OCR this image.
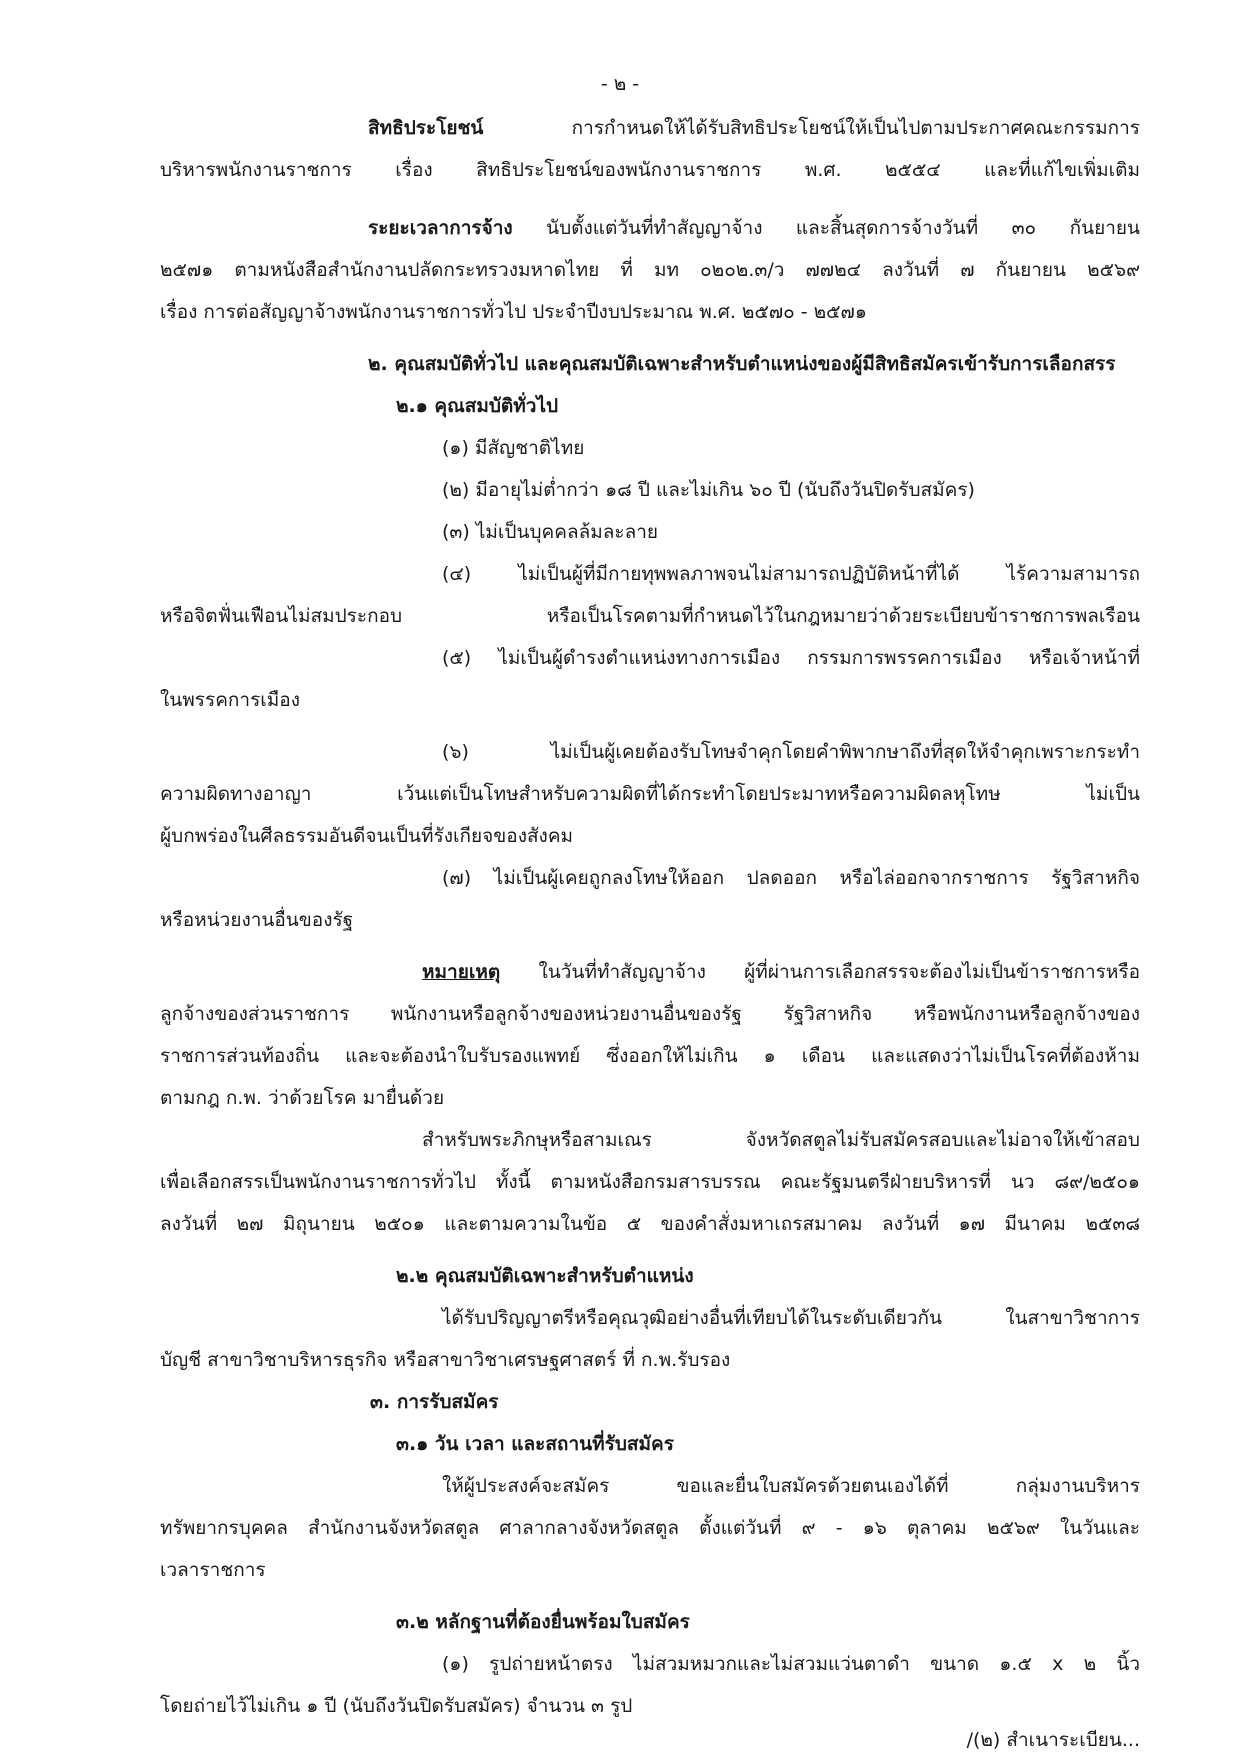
- ๒ -
สิทธิประโยชน์	การกำหนดให้ได้รับสิทธิประโยชน์ให้เป็นไปตามประกาศคณะกรรมการ
บริหารพนักงานราชการ เรื่อง สิทธิประโยชน์ของพนักงานราชการ พ.ศ. ๒๕๕๔ และที่แก้ไขเพิ่มเติม
ระยะเวลาการจ้าง นับตั้งแต่วันที่ทำสัญญาจ้าง และสิ้นสุดการจ้างวันที่ ๓๐ กันยายน
๒๕๗๑ ตามหนังสือสำนักงานปลัดกระทรวงมหาดไทย ที่ มท ๐๒๐๒.๓/ว ๗๗๒๔ ลงวันที่ ๗ กันยายน ๒๕๖๙
เรื่อง การต่อสัญญาจ้างพนักงานราชการทั่วไป ประจำปีงบประมาณ พ.ศ. ๒๕๗๐ - ๒๕๗๑
๒. คุณสมบัติทั่วไป และคุณสมบัติเฉพาะสำหรับตำแหน่งของผู้มีสิทธิสมัครเข้ารับการเลือกสรร
๒.๑ คุณสมบัติทั่วไป
(๑) มีสัญชาติไทย
(๒) มีอายุไม่ต่ำกว่า ๑๘ ปี และไม่เกิน ๖๐ ปี (นับถึงวันปิดรับสมัคร)
(๓) ไม่เป็นบุคคลล้มละลาย
(๔) ไม่เป็นผู้ที่มีกายทุพพลภาพจนไม่สามารถปฏิบัติหน้าที่ได้ ไร้ความสามารถ
หรือจิตฟั่นเฟือนไม่สมประกอบ หรือเป็นโรคตามที่กำหนดไว้ในกฎหมายว่าด้วยระเบียบข้าราชการพลเรือน
(๕) ไม่เป็นผู้ดำรงตำแหน่งทางการเมือง กรรมการพรรคการเมือง หรือเจ้าหน้าที่
ในพรรคการเมือง
(๖) ไม่เป็นผู้เคยต้องรับโทษจำคุกโดยคำพิพากษาถึงที่สุดให้จำคุกเพราะกระทำ
ความผิดทางอาญา เว้นแต่เป็นโทษสำหรับความผิดที่ได้กระทำโดยประมาทหรือความผิดลหุโทษ ไม่เป็น
ผู้บกพร่องในศีลธรรมอันดีจนเป็นที่รังเกียจของสังคม
(๗) ไม่เป็นผู้เคยถูกลงโทษให้ออก ปลดออก หรือไล่ออกจากราชการ รัฐวิสาหกิจ
หรือหน่วยงานอื่นของรัฐ
หมายเหตุ ในวันที่ทำสัญญาจ้าง ผู้ที่ผ่านการเลือกสรรจะต้องไม่เป็นข้าราชการหรือ
ลูกจ้างของส่วนราชการ พนักงานหรือลูกจ้างของหน่วยงานอื่นของรัฐ รัฐวิสาหกิจ หรือพนักงานหรือลูกจ้างของ
ราชการส่วนท้องถิ่น และจะต้องนำใบรับรองแพทย์ ซึ่งออกให้ไม่เกิน ๑ เดือน และแสดงว่าไม่เป็นโรคที่ต้องห้าม
ตามกฎ ก.พ. ว่าด้วยโรค มายื่นด้วย
สำหรับพระภิกษุหรือสามเณร จังหวัดสตูลไม่รับสมัครสอบและไม่อาจให้เข้าสอบ
เพื่อเลือกสรรเป็นพนักงานราชการทั่วไป ทั้งนี้ ตามหนังสือกรมสารบรรณ คณะรัฐมนตรีฝ่ายบริหารที่ นว ๘๙/๒๕๐๑
ลงวันที่ ๒๗ มิถุนายน ๒๕๐๑ และตามความในข้อ ๕ ของคำสั่งมหาเถรสมาคม ลงวันที่ ๑๗ มีนาคม ๒๕๓๘
๒.๒ คุณสมบัติเฉพาะสำหรับตำแหน่ง
ได้รับปริญญาตรีหรือคุณวุฒิอย่างอื่นที่เทียบได้ในระดับเดียวกัน ในสาขาวิชาการ
บัญชี สาขาวิชาบริหารธุรกิจ หรือสาขาวิชาเศรษฐศาสตร์ ที่ ก.พ.รับรอง
๓. การรับสมัคร
๓.๑ วัน เวลา และสถานที่รับสมัคร
ให้ผู้ประสงค์จะสมัคร ขอและยื่นใบสมัครด้วยตนเองได้ที่ กลุ่มงานบริหาร
ทรัพยากรบุคคล สำนักงานจังหวัดสตูล ศาลากลางจังหวัดสตูล ตั้งแต่วันที่ ๙ - ๑๖ ตุลาคม ๒๕๖๙ ในวันและ
เวลาราชการ
๓.๒ หลักฐานที่ต้องยื่นพร้อมใบสมัคร
(๑) รูปถ่ายหน้าตรง ไม่สวมหมวกและไม่สวมแว่นตาดำ ขนาด ๑.๕ x ๒ นิ้ว
โดยถ่ายไว้ไม่เกิน ๑ ปี (นับถึงวันปิดรับสมัคร) จำนวน ๓ รูป
/(๒) สำเนาระเบียน...
